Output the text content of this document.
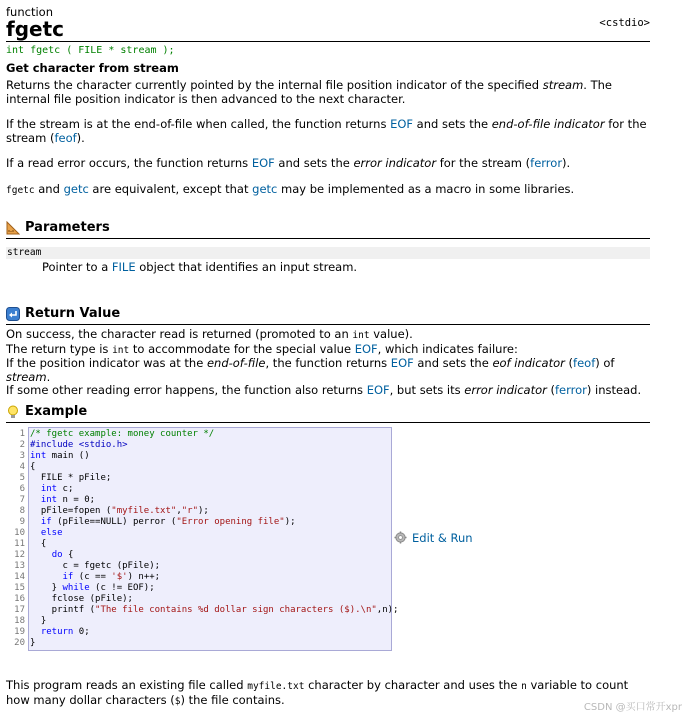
function
fgetc	<cstdio>
int fgetc ( FILE * stream );
Get character from stream
Returns the character currently pointed by the internal file position indicator of the specified stream. The internal file position indicator is then advanced to the next character.
If the stream is at the end-of-file when called, the function returns EOF and sets the end-of-file indicator for the stream (feof).
If a read error occurs, the function returns EOF and sets the error indicator for the stream (ferror).
fgetc and getc are equivalent, except that getc may be implemented as a macro in some libraries.
Parameters
stream
Pointer to a FILE object that identifies an input stream.
Return Value
On success, the character read is returned (promoted to an int value).
The return type is int to accommodate for the special value EOF, which indicates failure:
If the position indicator was at the end-of-file, the function returns EOF and sets the eof indicator (feof) of stream.
If some other reading error happens, the function also returns EOF, but sets its error indicator (ferror) instead.
Example
1
2
3
4
5
6
7
8
9
10
11
12
13
14
15
16
17
18
19
20
/* fgetc example: money counter */
#include <stdio.h>
int main ()
{
FILE * pFile;
int c;
int n = 0;
pFile=fopen ("myfile.txt","r");
if (pFile==NULL) perror ("Error opening file");
else
{
do {
c = fgetc (pFile);
if (c == '$') n++;
} while (c != EOF);
fclose (pFile);
printf ("The file contains %d dollar sign characters ($).\n",n);
}
return 0;
}
Edit & Run
This program reads an existing file called myfile.txt character by character and uses the n variable to count how many dollar characters ($) the file contains.
CSDN @买口常开xpr
